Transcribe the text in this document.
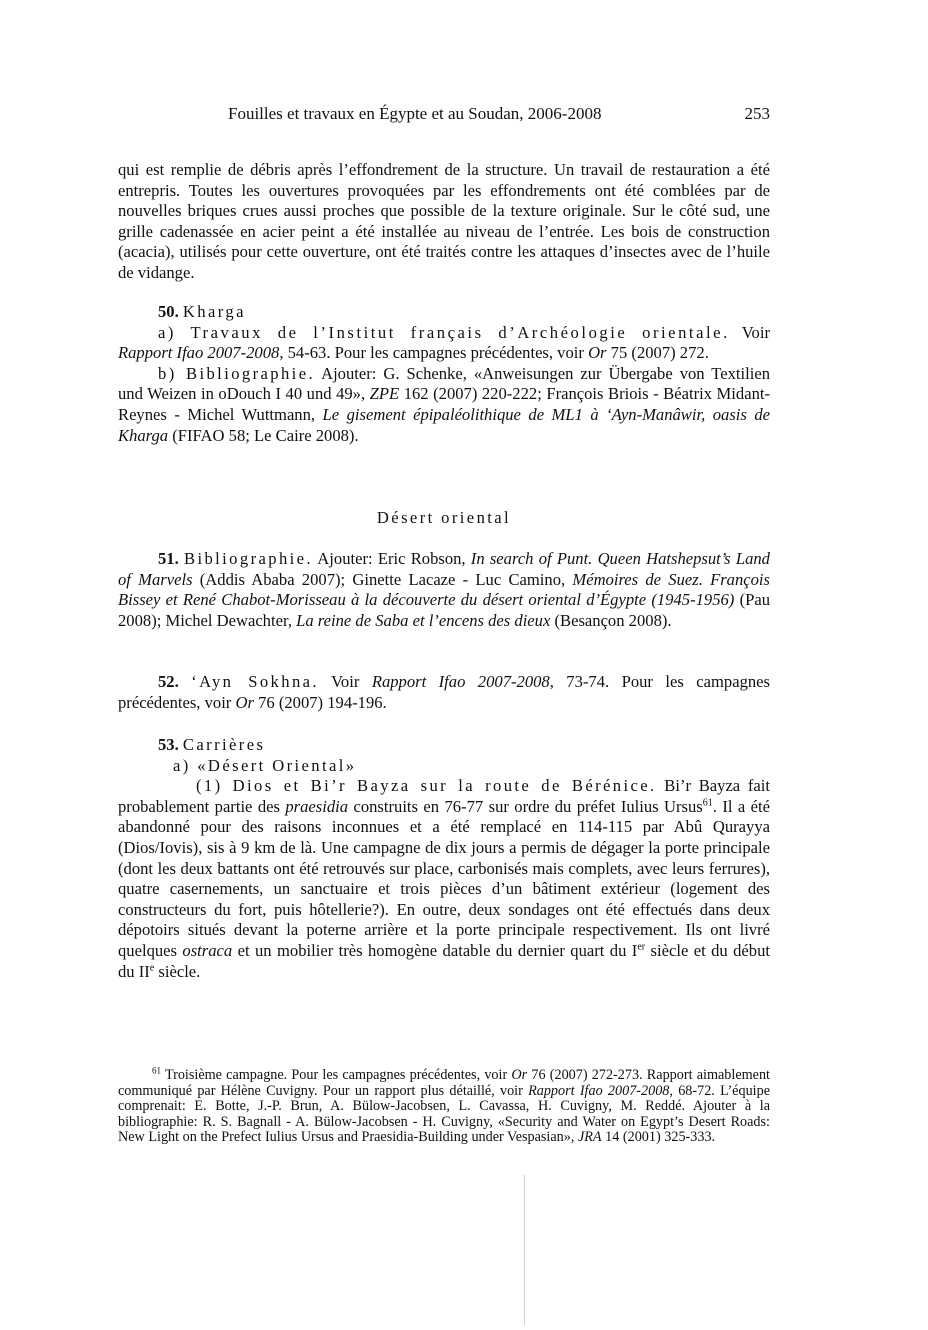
Fouilles et travaux en Égypte et au Soudan, 2006-2008	253

qui est remplie de débris après l’effondrement de la structure. Un travail de restauration a été entrepris. Toutes les ouvertures provoquées par les effondrements ont été comblées par de nouvelles briques crues aussi proches que possible de la texture originale. Sur le côté sud, une grille cadenassée en acier peint a été installée au niveau de l’entrée. Les bois de construction (acacia), utilisés pour cette ouverture, ont été traités contre les attaques d’insectes avec de l’huile de vidange.

50. Kharga

a) Travaux de l’Institut français d’Archéologie orientale. Voir Rapport Ifao 2007-2008, 54-63. Pour les campagnes précédentes, voir Or 75 (2007) 272.

b) Bibliographie. Ajouter: G. Schenke, «Anweisungen zur Übergabe von Textilien und Weizen in oDouch I 40 und 49», ZPE 162 (2007) 220-222; François Briois - Béatrix Midant-Reynes - Michel Wuttmann, Le gisement épipaléolithique de ML1 à ‘Ayn-Manâwir, oasis de Kharga (FIFAO 58; Le Caire 2008).

Désert oriental

51. Bibliographie. Ajouter: Eric Robson, In search of Punt. Queen Hatshepsut’s Land of Marvels (Addis Ababa 2007); Ginette Lacaze - Luc Camino, Mémoires de Suez. François Bissey et René Chabot-Morisseau à la découverte du désert oriental d’Égypte (1945-1956) (Pau 2008); Michel Dewachter, La reine de Saba et l’encens des dieux (Besançon 2008).

52. ‘Ayn Sokhna. Voir Rapport Ifao 2007-2008, 73-74. Pour les campagnes précédentes, voir Or 76 (2007) 194-196.

53. Carrières

a) «Désert Oriental»

(1) Dios et Bi’r Bayza sur la route de Bérénice. Bi’r Bayza fait probablement partie des praesidia construits en 76-77 sur ordre du préfet Iulius Ursus$^{61}$. Il a été abandonné pour des raisons inconnues et a été remplacé en 114-115 par Abû Qurayya (Dios/Iovis), sis à 9 km de là. Une campagne de dix jours a permis de dégager la porte principale (dont les deux battants ont été retrouvés sur place, carbonisés mais complets, avec leurs ferrures), quatre casernements, un sanctuaire et trois pièces d’un bâtiment extérieur (logement des constructeurs du fort, puis hôtellerie?). En outre, deux sondages ont été effectués dans deux dépotoirs situés devant la poterne arrière et la porte principale respectivement. Ils ont livré quelques ostraca et un mobilier très homogène datable du dernier quart du Ier siècle et du début du IIe siècle.

$^{61}$ Troisième campagne. Pour les campagnes précédentes, voir Or 76 (2007) 272-273. Rapport aimablement communiqué par Hélène Cuvigny. Pour un rapport plus détaillé, voir Rapport Ifao 2007-2008, 68-72. L’équipe comprenait: E. Botte, J.-P. Brun, A. Bülow-Jacobsen, L. Cavassa, H. Cuvigny, M. Reddé. Ajouter à la bibliographie: R. S. Bagnall - A. Bülow-Jacobsen - H. Cuvigny, «Security and Water on Egypt’s Desert Roads: New Light on the Prefect Iulius Ursus and Praesidia-Building under Vespasian», JRA 14 (2001) 325-333.
